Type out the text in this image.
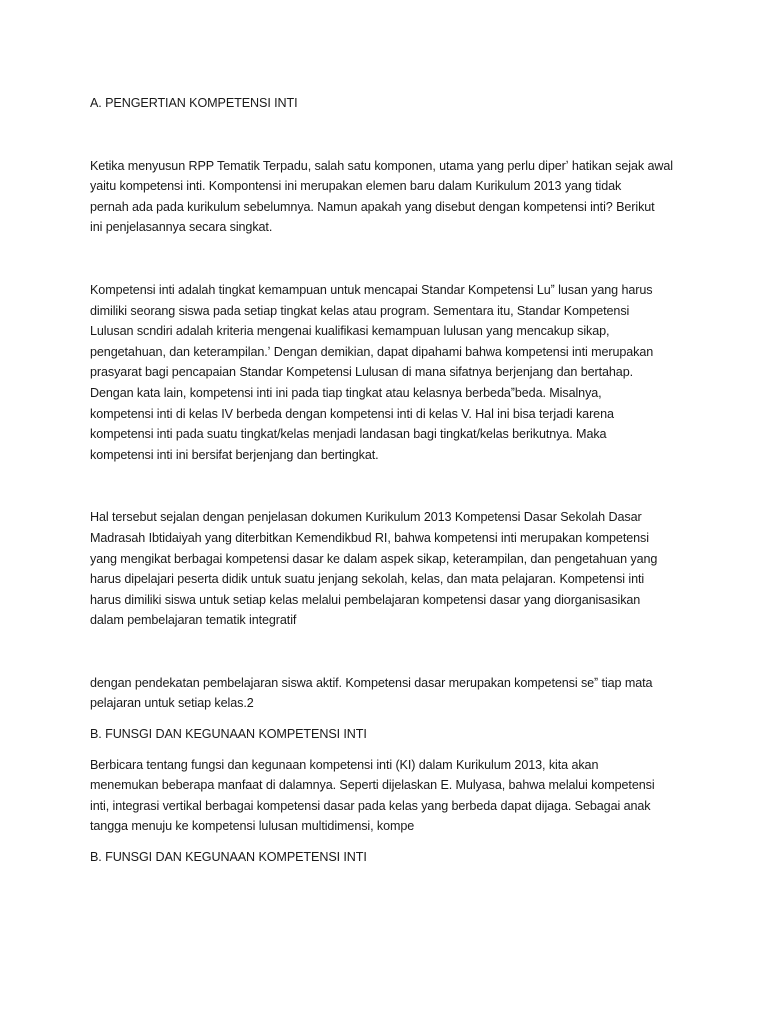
A. PENGERTIAN KOMPETENSI INTI

Ketika menyusun RPP Tematik Terpadu, salah satu komponen, utama yang perlu diperʼ hatikan sejak awal
yaitu kompetensi inti. Kompontensi ini merupakan elemen baru dalam Kurikulum 2013 yang tidak
pernah ada pada kurikulum sebelumnya. Namun apakah yang disebut dengan kompetensi inti? Berikut
ini penjelasannya secara singkat.

Kompetensi inti adalah tingkat kemampuan untuk mencapai Standar Kompetensi Luˮ lusan yang harus
dimiliki seorang siswa pada setiap tingkat kelas atau program. Sementara itu, Standar Kompetensi
Lulusan scndiri adalah kriteria mengenai kualifikasi kemampuan lulusan yang mencakup sikap,
pengetahuan, dan keterampilan.ʼ Dengan demikian, dapat dipahami bahwa kompetensi inti merupakan
prasyarat bagi pencapaian Standar Kompetensi Lulusan di mana sifatnya berjenjang dan bertahap.
Dengan kata lain, kompetensi inti ini pada tiap tingkat atau kelasnya berbedaˮbeda. Misalnya,
kompetensi inti di kelas IV berbeda dengan kompetensi inti di kelas V. Hal ini bisa terjadi karena
kompetensi inti pada suatu tingkat/kelas menjadi landasan bagi tingkat/kelas berikutnya. Maka
kompetensi inti ini bersifat berjenjang dan bertingkat.

Hal tersebut sejalan dengan penjelasan dokumen Kurikulum 2013 Kompetensi Dasar Sekolah Dasar
Madrasah Ibtidaiyah yang diterbitkan Kemendikbud RI, bahwa kompetensi inti merupakan kompetensi
yang mengikat berbagai kompetensi dasar ke dalam aspek sikap, keterampilan, dan pengetahuan yang
harus dipelajari peserta didik untuk suatu jenjang sekolah, kelas, dan mata pelajaran. Kompetensi inti
harus dimiliki siswa untuk setiap kelas melalui pembelajaran kompetensi dasar yang diorganisasikan
dalam pembelajaran tematik integratif

dengan pendekatan pembelajaran siswa aktif. Kompetensi dasar merupakan kompetensi seˮ tiap mata
pelajaran untuk setiap kelas.2

B. FUNSGI DAN KEGUNAAN KOMPETENSI INTI

Berbicara tentang fungsi dan kegunaan kompetensi inti (KI) dalam Kurikulum 2013, kita akan
menemukan beberapa manfaat di dalamnya. Seperti dijelaskan E. Mulyasa, bahwa melalui kompetensi
inti, integrasi vertikal berbagai kompetensi dasar pada kelas yang berbeda dapat dijaga. Sebagai anak
tangga menuju ke kompetensi lulusan multidimensi, kompe

B. FUNSGI DAN KEGUNAAN KOMPETENSI INTI
